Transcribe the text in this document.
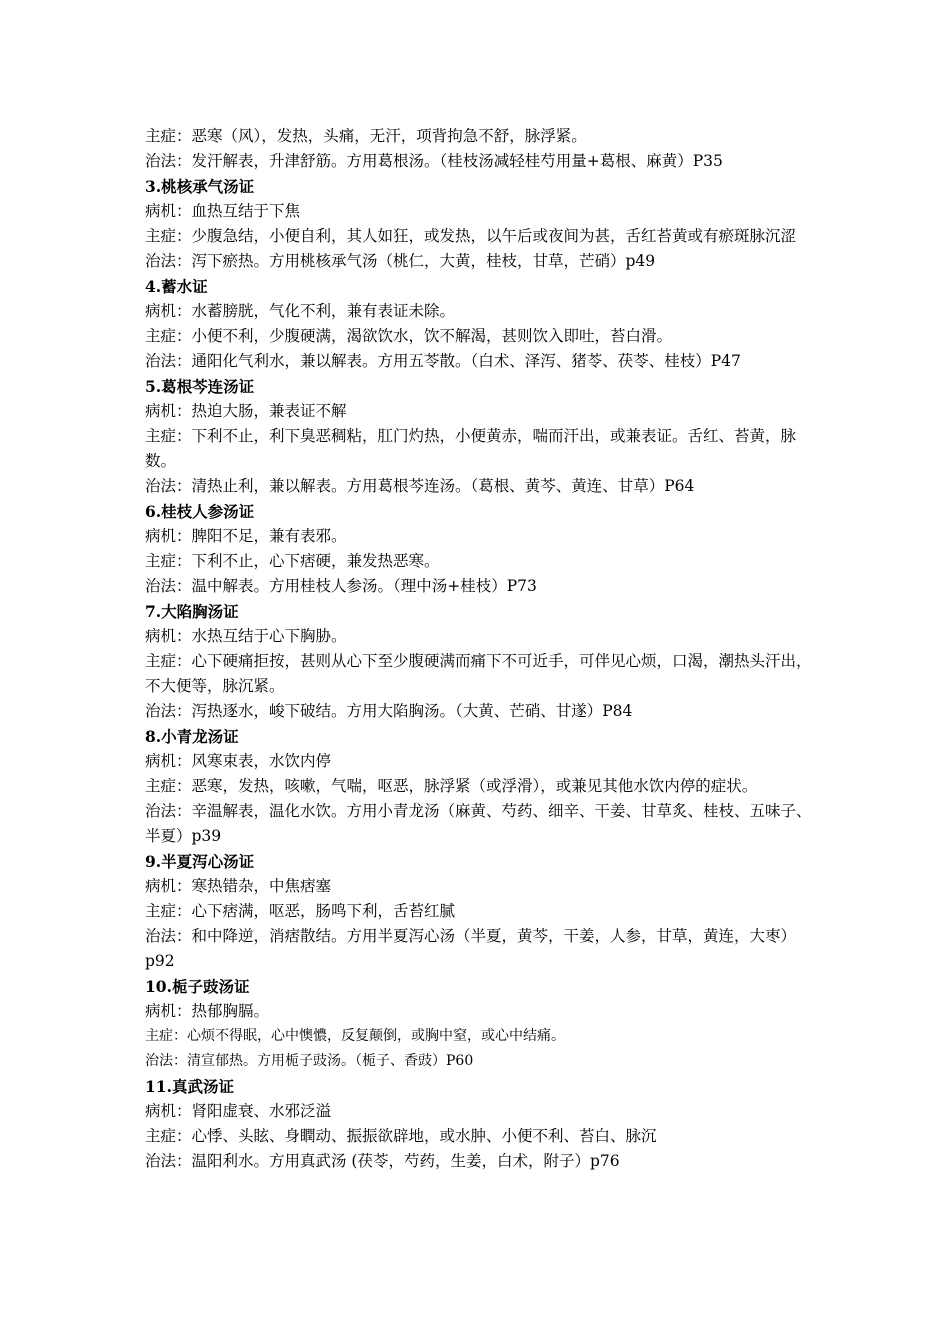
主症：恶寒（风），发热，头痛，无汗，项背拘急不舒，脉浮紧。
治法：发汗解表，升津舒筋。方用葛根汤。（桂枝汤减轻桂芍用量+葛根、麻黄）P35
3.桃核承气汤证
病机：血热互结于下焦
主症：少腹急结，小便自利，其人如狂，或发热，以午后或夜间为甚，舌红苔黄或有瘀斑脉沉涩
治法：泻下瘀热。方用桃核承气汤（桃仁，大黄，桂枝，甘草，芒硝）p49
4.蓄水证
病机：水蓄膀胱，气化不利，兼有表证未除。
主症：小便不利，少腹硬满，渴欲饮水，饮不解渴，甚则饮入即吐，苔白滑。
治法：通阳化气利水，兼以解表。方用五苓散。（白术、泽泻、猪苓、茯苓、桂枝）P47
5.葛根芩连汤证
病机：热迫大肠，兼表证不解
主症：下利不止，利下臭恶稠粘，肛门灼热，小便黄赤，喘而汗出，或兼表证。舌红、苔黄，脉数。
治法：清热止利，兼以解表。方用葛根芩连汤。（葛根、黄芩、黄连、甘草）P64
6.桂枝人参汤证
病机：脾阳不足，兼有表邪。
主症：下利不止，心下痞硬，兼发热恶寒。
治法：温中解表。方用桂枝人参汤。（理中汤+桂枝）P73
7.大陷胸汤证
病机：水热互结于心下胸胁。
主症：心下硬痛拒按，甚则从心下至少腹硬满而痛下不可近手，可伴见心烦，口渴，潮热头汗出，不大便等，脉沉紧。
治法：泻热逐水，峻下破结。方用大陷胸汤。（大黄、芒硝、甘遂）P84
8.小青龙汤证
病机：风寒束表，水饮内停
主症：恶寒，发热，咳嗽，气喘，呕恶，脉浮紧（或浮滑），或兼见其他水饮内停的症状。
治法：辛温解表，温化水饮。方用小青龙汤（麻黄、芍药、细辛、干姜、甘草炙、桂枝、五味子、半夏）p39
9.半夏泻心汤证
病机：寒热错杂，中焦痞塞
主症：心下痞满，呕恶，肠鸣下利，舌苔红腻
治法：和中降逆，消痞散结。方用半夏泻心汤（半夏，黄芩，干姜，人参，甘草，黄连，大枣）p92
10.栀子豉汤证
病机：热郁胸膈。
主症：心烦不得眠，心中懊憹，反复颠倒，或胸中窒，或心中结痛。
治法：清宣郁热。方用栀子豉汤。（栀子、香豉）P60
11.真武汤证
病机：肾阳虚衰、水邪泛溢
主症：心悸、头眩、身瞤动、振振欲辟地，或水肿、小便不利、苔白、脉沉
治法：温阳利水。方用真武汤 (茯苓，芍药，生姜，白术，附子）p76
